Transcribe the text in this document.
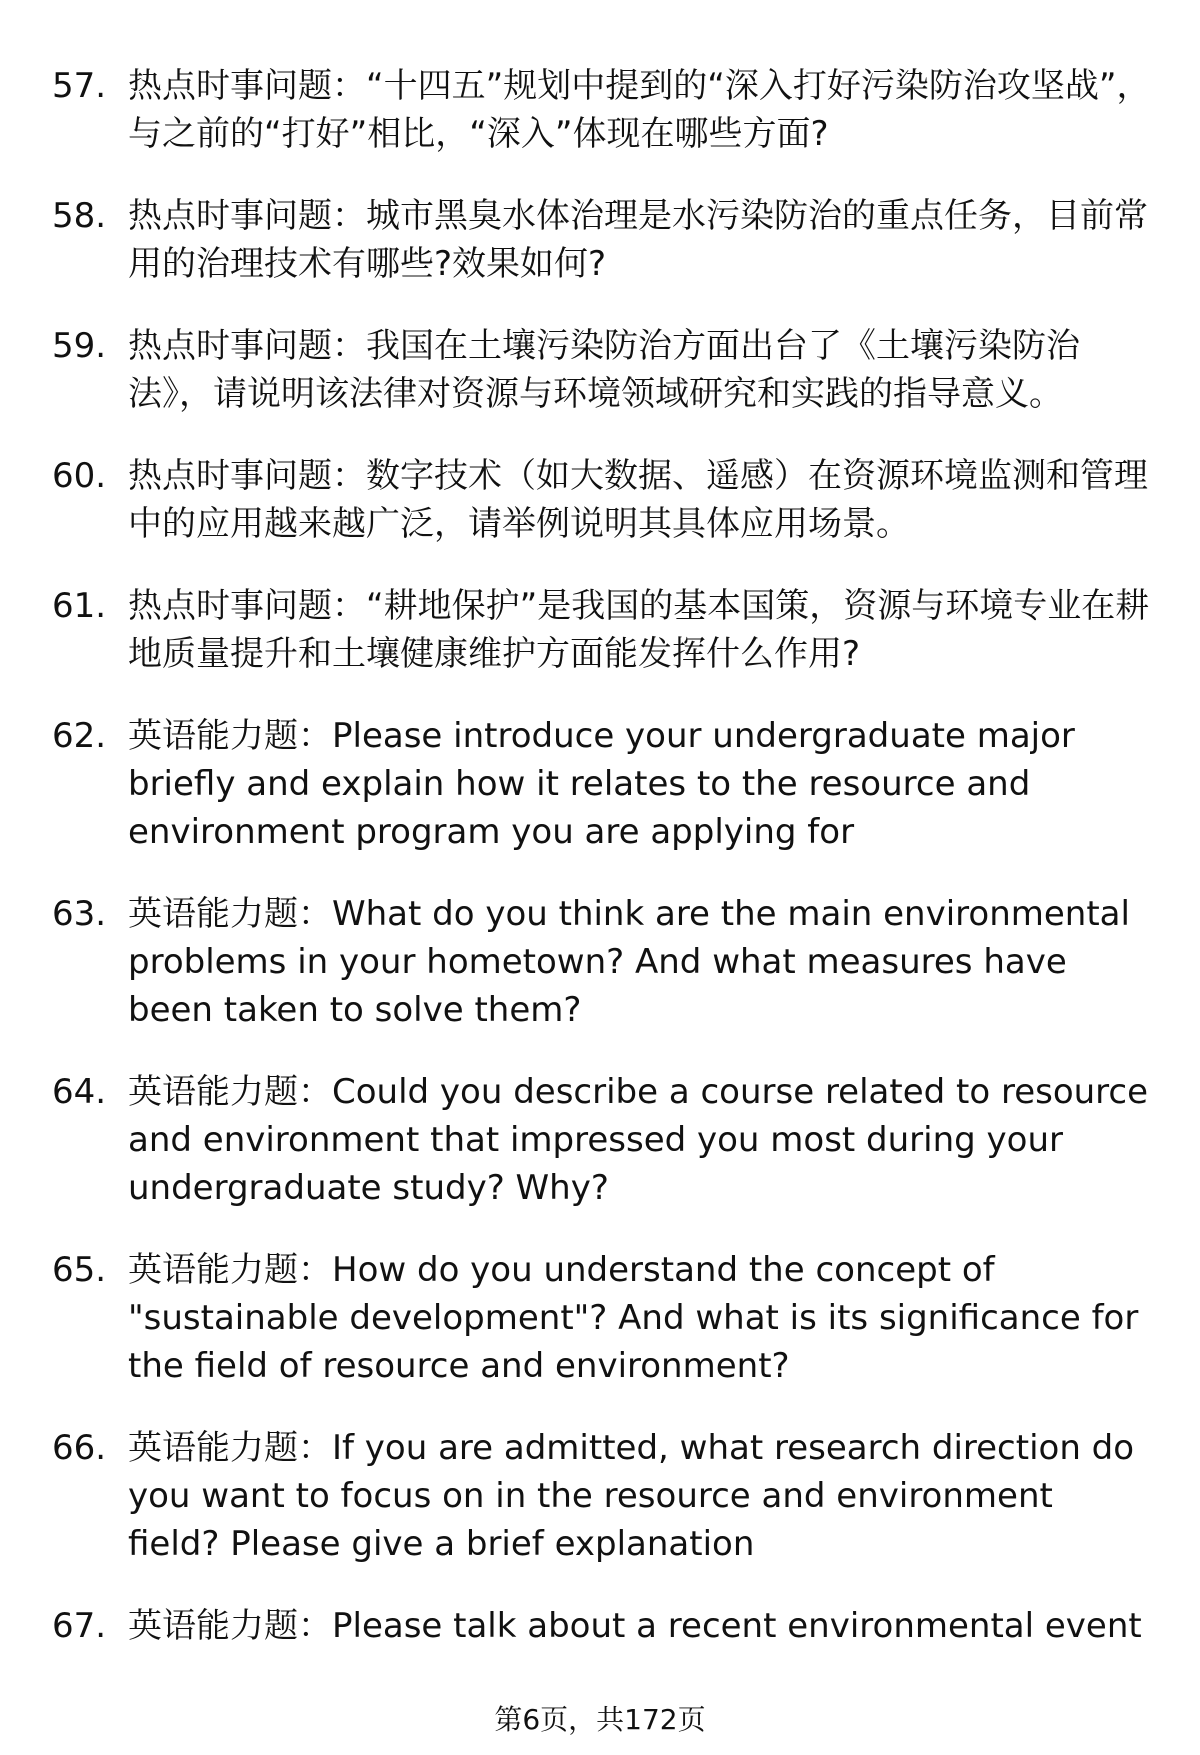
57. 热点时事问题：“十四五”规划中提到的“深入打好污染防治攻坚战”，与之前的“打好”相比，“深入”体现在哪些方面?
58. 热点时事问题：城市黑臭水体治理是水污染防治的重点任务，目前常用的治理技术有哪些?效果如何?
59. 热点时事问题：我国在土壤污染防治方面出台了《土壤污染防治法》，请说明该法律对资源与环境领域研究和实践的指导意义。
60. 热点时事问题：数字技术（如大数据、遥感）在资源环境监测和管理中的应用越来越广泛，请举例说明其具体应用场景。
61. 热点时事问题：“耕地保护”是我国的基本国策，资源与环境专业在耕地质量提升和土壤健康维护方面能发挥什么作用?
62. 英语能力题：Please introduce your undergraduate major briefly and explain how it relates to the resource and environment program you are applying for
63. 英语能力题：What do you think are the main environmental problems in your hometown? And what measures have been taken to solve them?
64. 英语能力题：Could you describe a course related to resource and environment that impressed you most during your undergraduate study? Why?
65. 英语能力题：How do you understand the concept of "sustainable development"? And what is its significance for the field of resource and environment?
66. 英语能力题：If you are admitted, what research direction do you want to focus on in the resource and environment field? Please give a brief explanation
67. 英语能力题：Please talk about a recent environmental event
第6页，共172页
